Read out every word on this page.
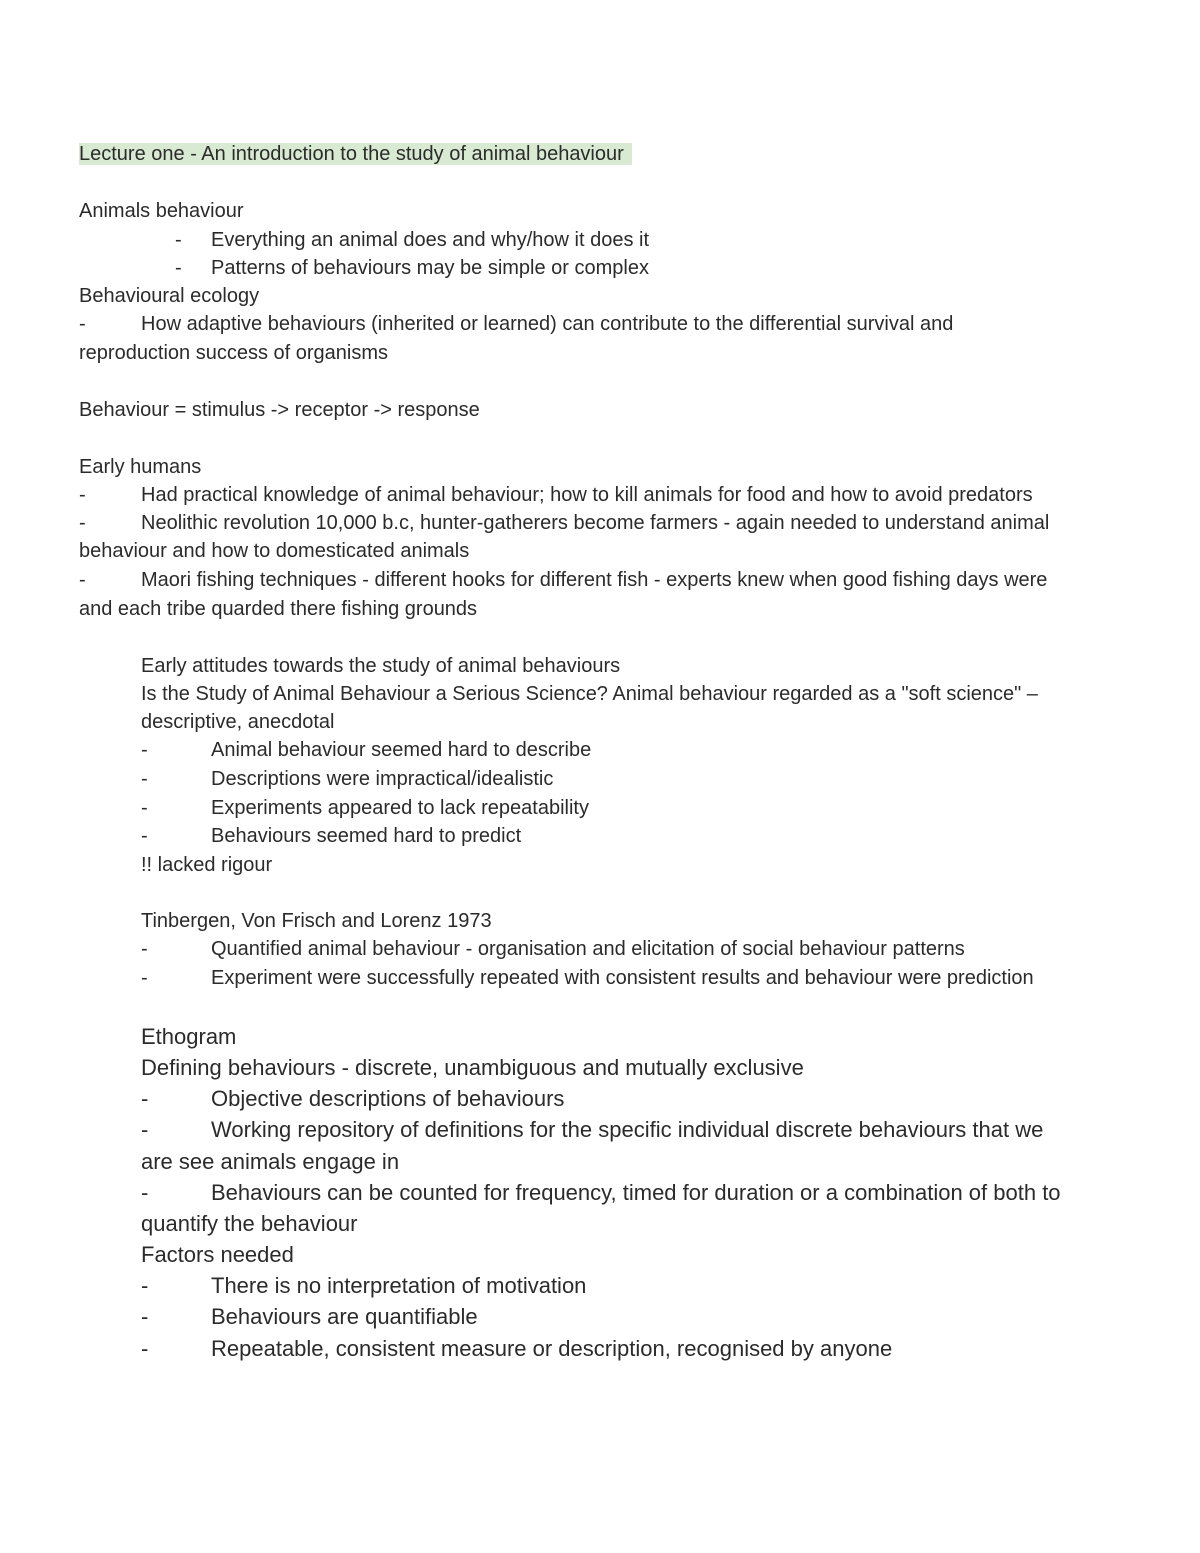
Lecture one - An introduction to the study of animal behaviour
Animals behaviour
- Everything an animal does and why/how it does it
- Patterns of behaviours may be simple or complex
Behavioural ecology
-	How adaptive behaviours (inherited or learned) can contribute to the differential survival and
reproduction success of organisms
Behaviour = stimulus -> receptor -> response
Early humans
-	Had practical knowledge of animal behaviour; how to kill animals for food and how to avoid predators
-	Neolithic revolution 10,000 b.c, hunter-gatherers become farmers - again needed to understand animal
behaviour and how to domesticated animals
-	Maori fishing techniques - different hooks for different fish - experts knew when good fishing days were
and each tribe quarded there fishing grounds
Early attitudes towards the study of animal behaviours
Is the Study of Animal Behaviour a Serious Science? Animal behaviour regarded as a "soft science" –
descriptive, anecdotal
-	Animal behaviour seemed hard to describe
-	Descriptions were impractical/idealistic
-	Experiments appeared to lack repeatability
-	Behaviours seemed hard to predict
!! lacked rigour
Tinbergen, Von Frisch and Lorenz 1973
-	Quantified animal behaviour - organisation and elicitation of social behaviour patterns
-	Experiment were successfully repeated with consistent results and behaviour were prediction
Ethogram
Defining behaviours - discrete, unambiguous and mutually exclusive
-	Objective descriptions of behaviours
-	Working repository of definitions for the specific individual discrete behaviours that we
are see animals engage in
-	Behaviours can be counted for frequency, timed for duration or a combination of both to
quantify the behaviour
Factors needed
-	There is no interpretation of motivation
-	Behaviours are quantifiable
-	Repeatable, consistent measure or description, recognised by anyone
